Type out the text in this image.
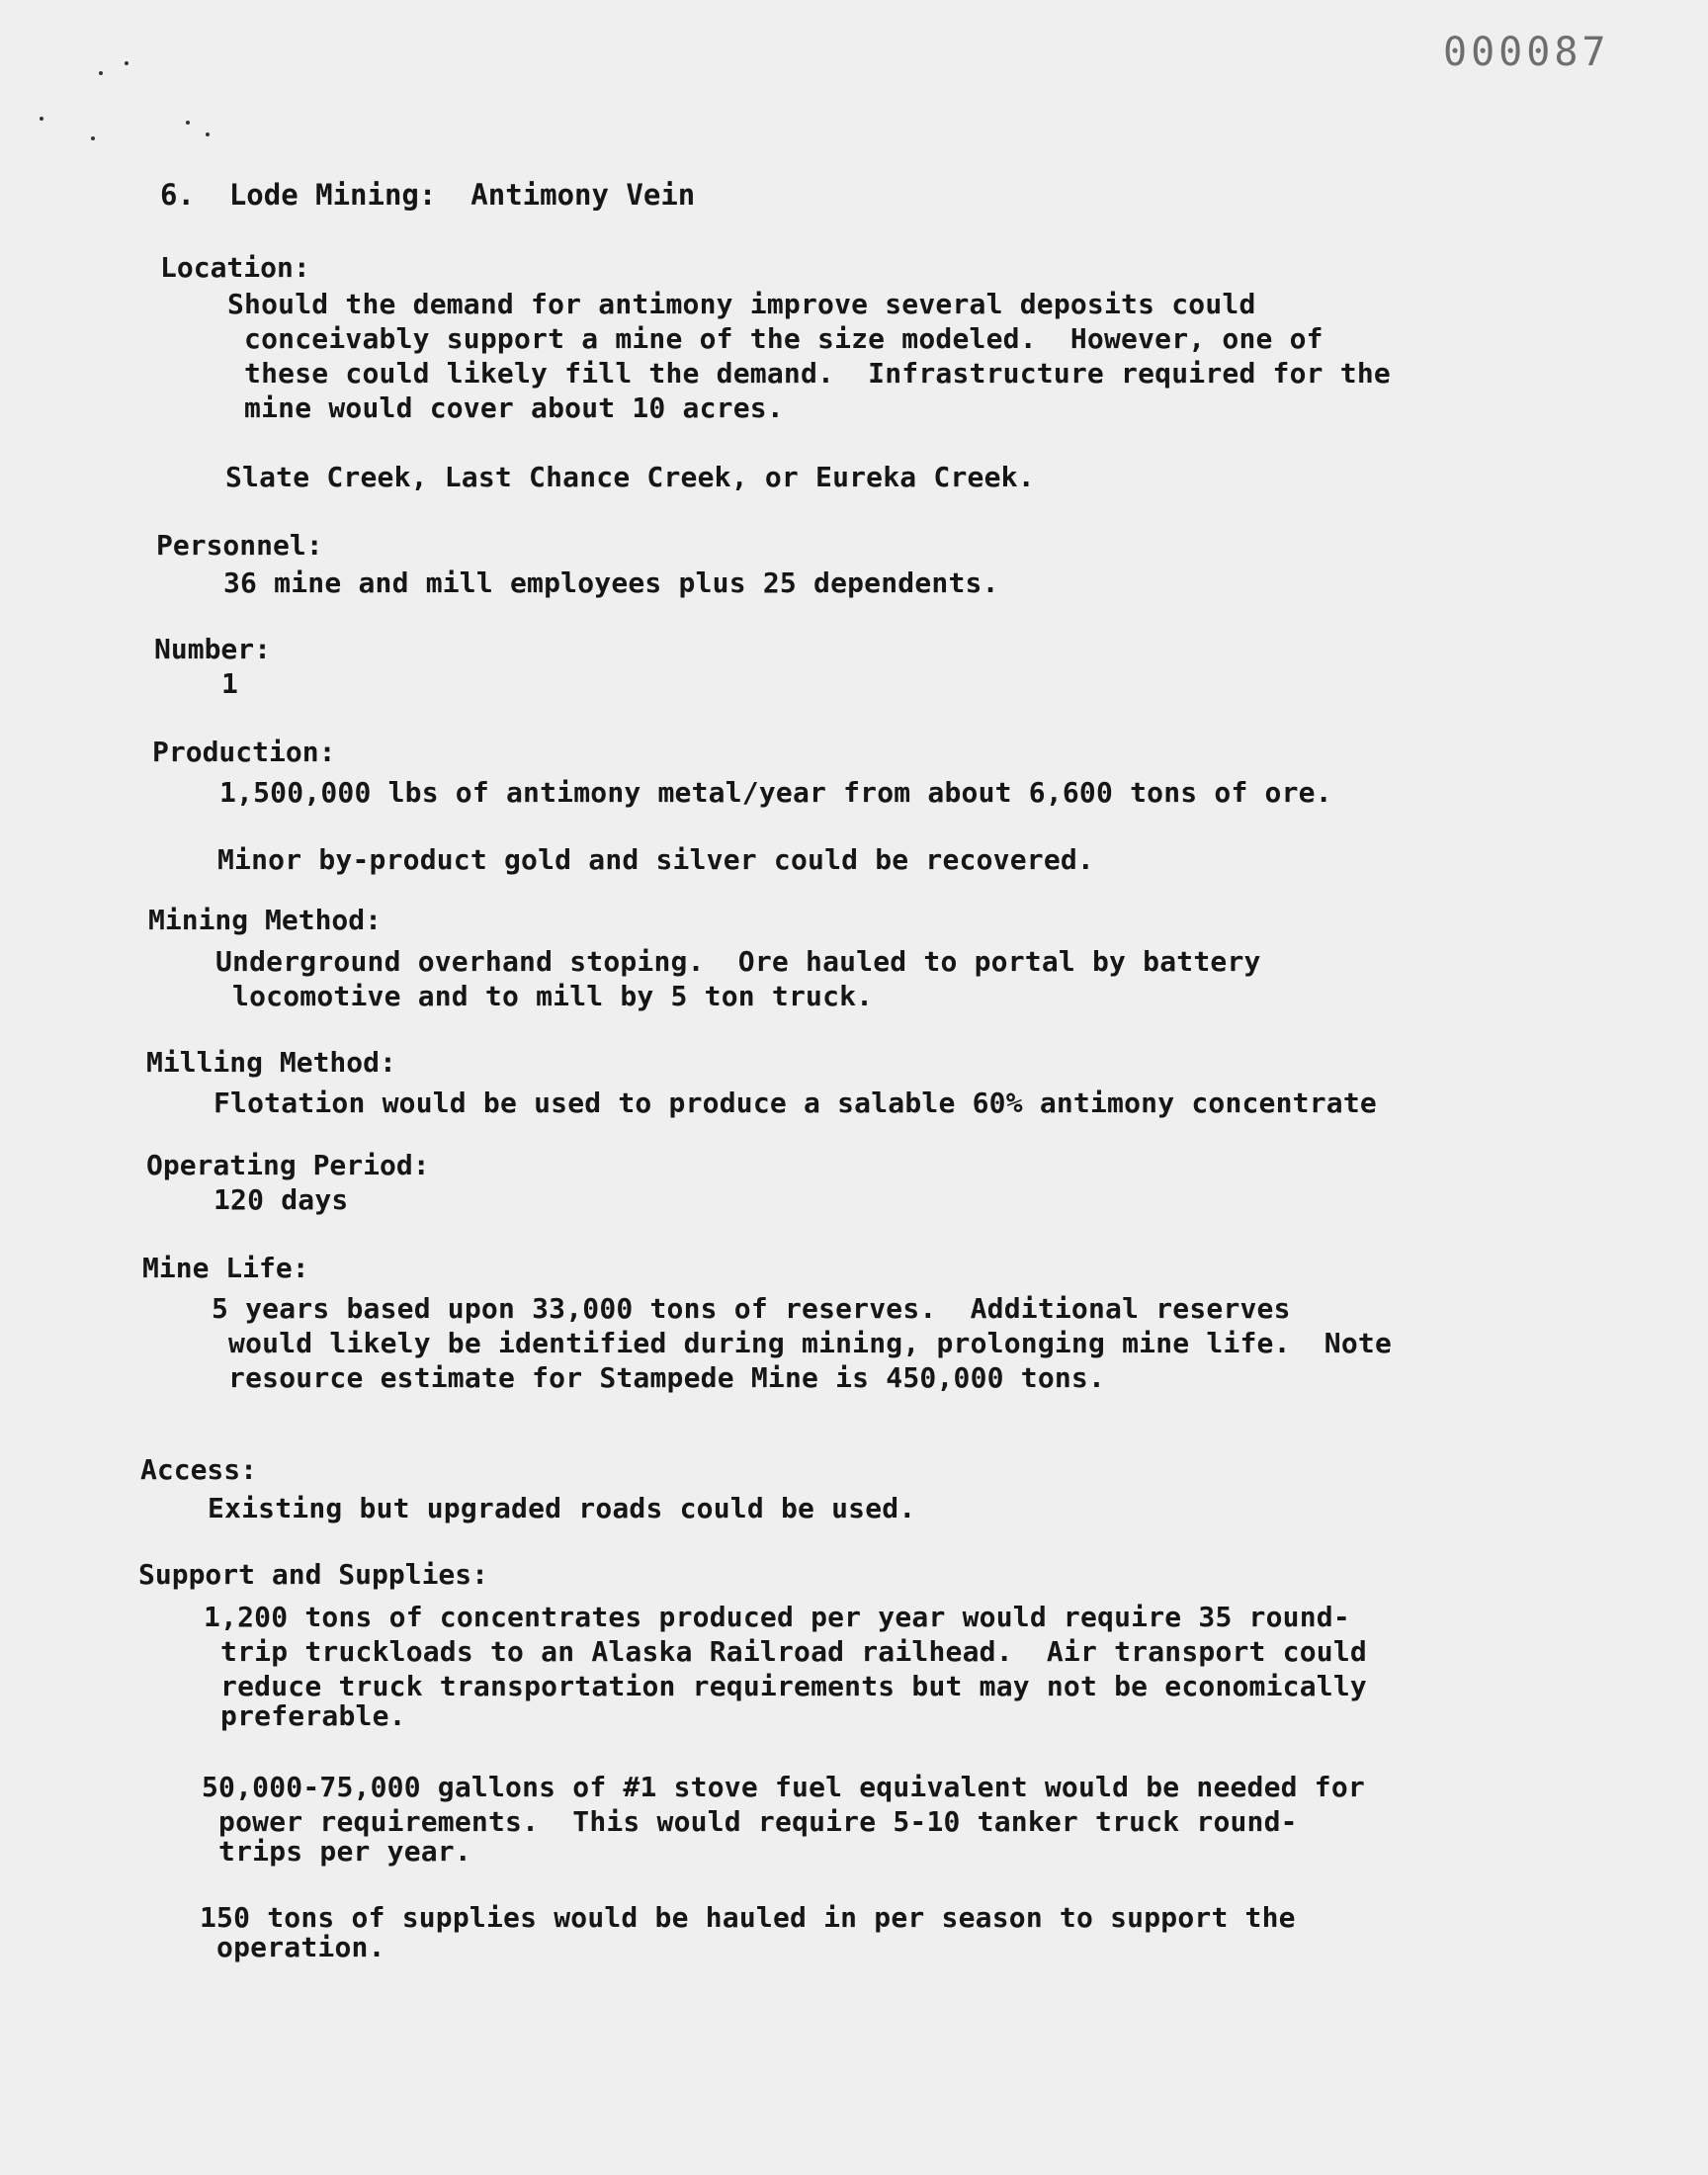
000087
6.  Lode Mining:  Antimony Vein
Location:
Should the demand for antimony improve several deposits could
conceivably support a mine of the size modeled.  However, one of
these could likely fill the demand.  Infrastructure required for the
mine would cover about 10 acres.
Slate Creek, Last Chance Creek, or Eureka Creek.
Personnel:
36 mine and mill employees plus 25 dependents.
Number:
1
Production:
1,500,000 lbs of antimony metal/year from about 6,600 tons of ore.
Minor by-product gold and silver could be recovered.
Mining Method:
Underground overhand stoping.  Ore hauled to portal by battery
locomotive and to mill by 5 ton truck.
Milling Method:
Flotation would be used to produce a salable 60% antimony concentrate
Operating Period:
120 days
Mine Life:
5 years based upon 33,000 tons of reserves.  Additional reserves
would likely be identified during mining, prolonging mine life.  Note
resource estimate for Stampede Mine is 450,000 tons.
Access:
Existing but upgraded roads could be used.
Support and Supplies:
1,200 tons of concentrates produced per year would require 35 round-
trip truckloads to an Alaska Railroad railhead.  Air transport could
reduce truck transportation requirements but may not be economically
preferable.
50,000-75,000 gallons of #1 stove fuel equivalent would be needed for
power requirements.  This would require 5-10 tanker truck round-
trips per year.
150 tons of supplies would be hauled in per season to support the
operation.
